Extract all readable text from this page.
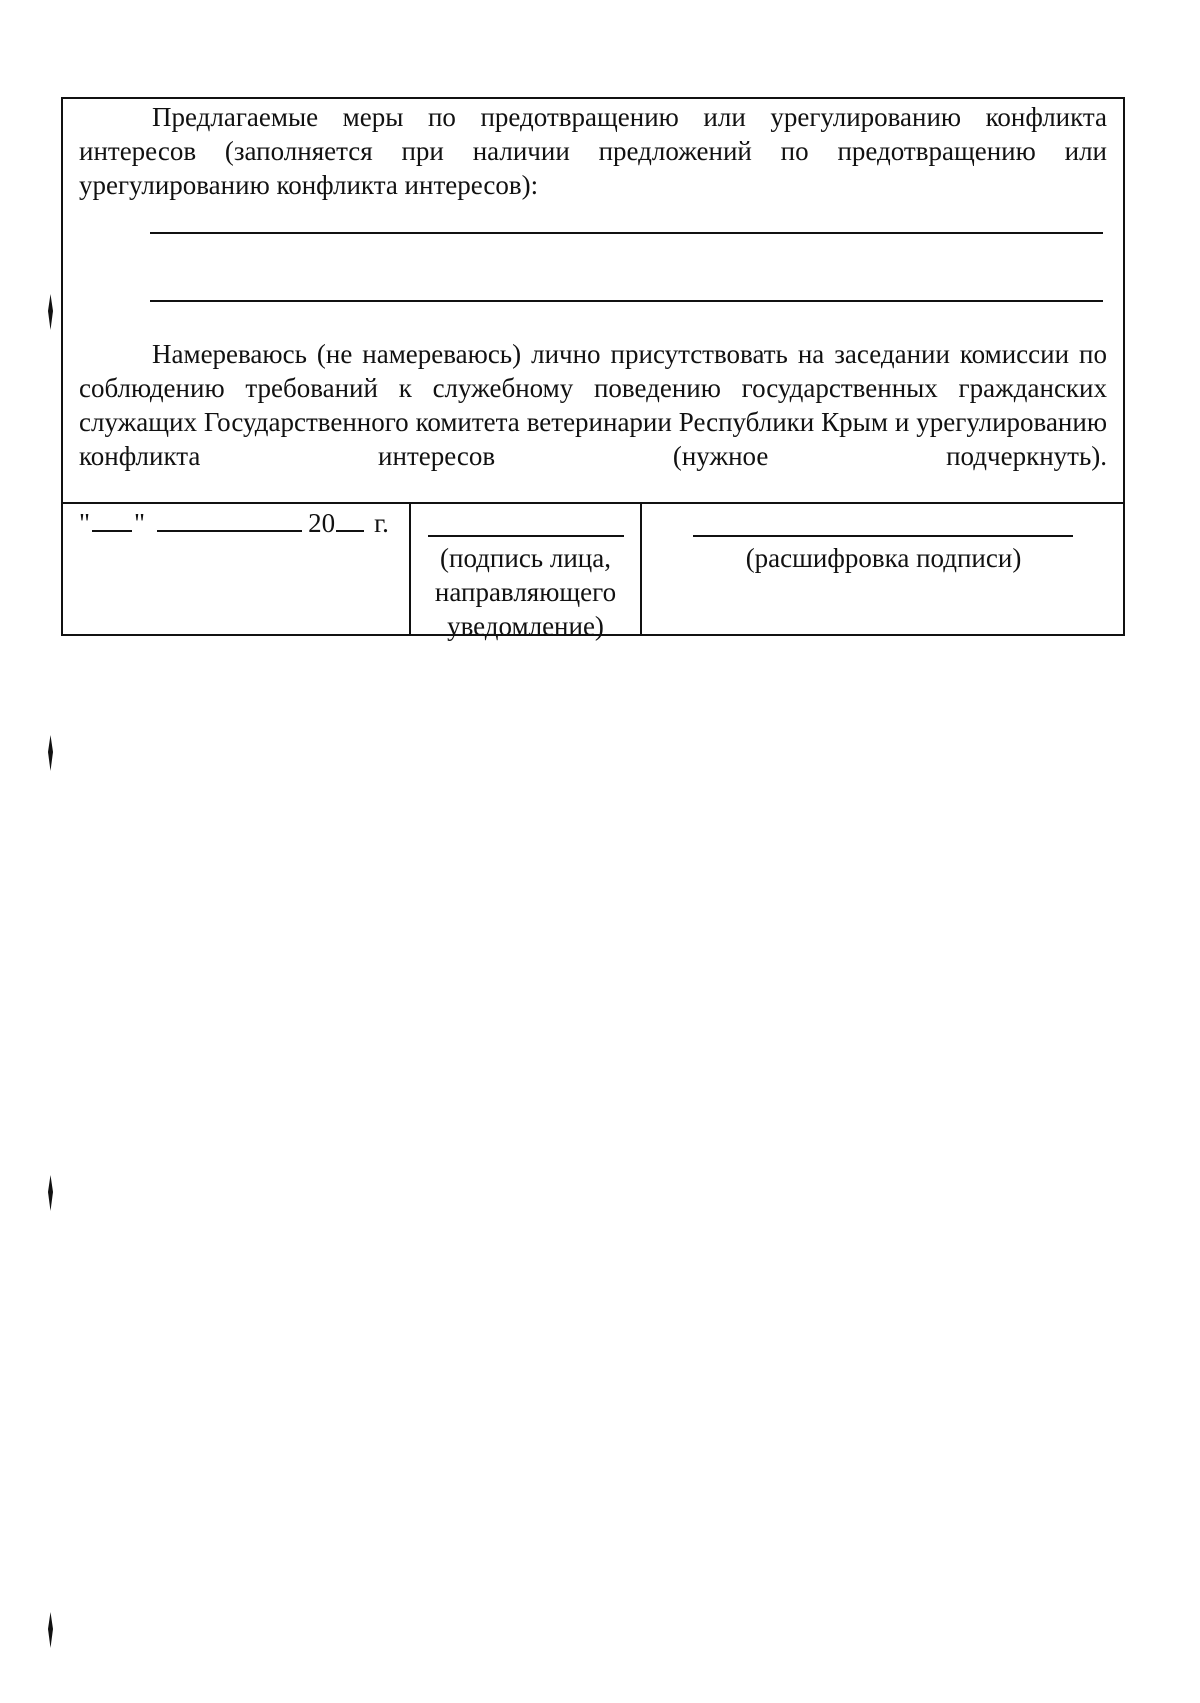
Предлагаемые меры по предотвращению или урегулированию конфликта интересов (заполняется при наличии предложений по предотвращению или урегулированию конфликта интересов):

Намереваюсь (не намереваюсь) лично присутствовать на заседании комиссии по соблюдению требований к служебному поведению государственных гражданских служащих Государственного комитета ветеринарии Республики Крым и урегулированию конфликта интересов (нужное подчеркнуть).

" "	20 г.

(подпись лица, направляющего уведомление)

(расшифровка подписи)
